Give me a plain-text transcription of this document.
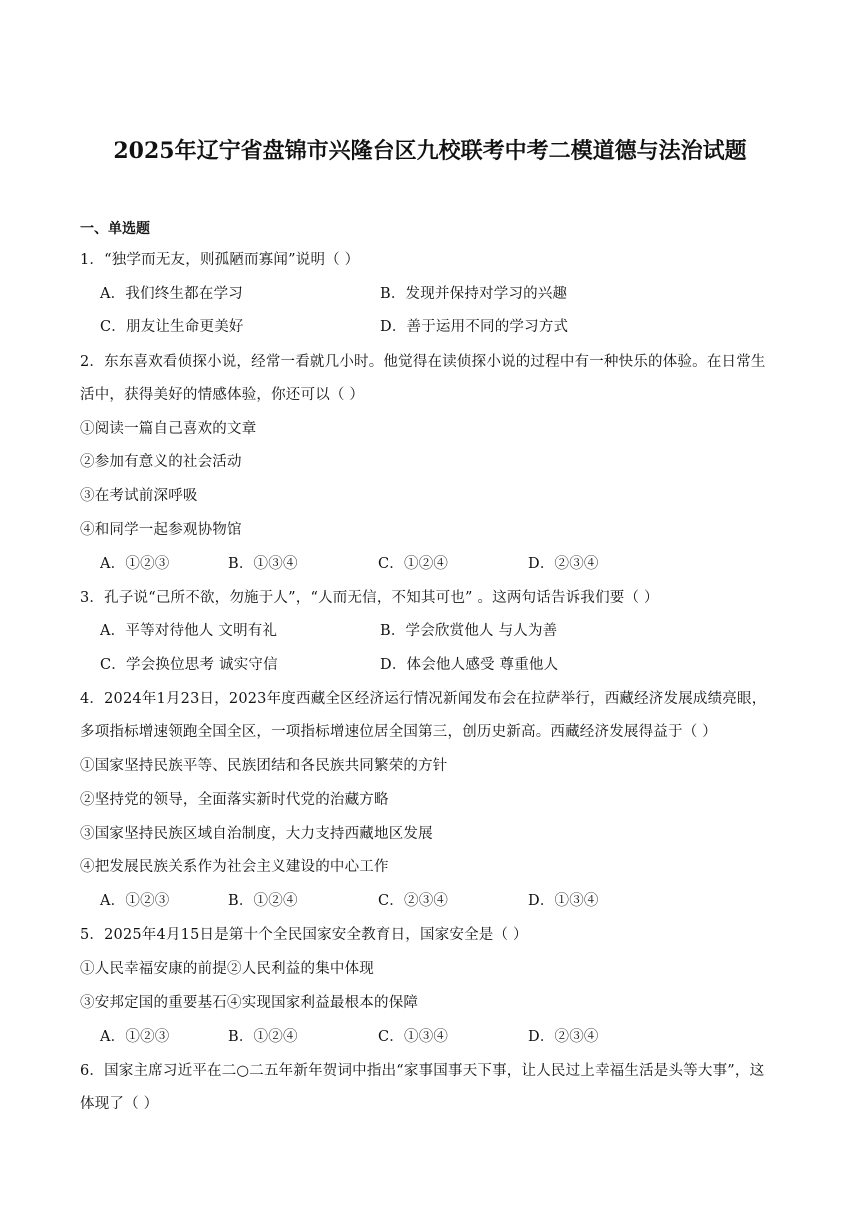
2025年辽宁省盘锦市兴隆台区九校联考中考二模道德与法治试题
一、单选题
1．“独学而无友，则孤陋而寡闻”说明（ ）
A．我们终生都在学习	B．发现并保持对学习的兴趣
C．朋友让生命更美好	D．善于运用不同的学习方式
2．东东喜欢看侦探小说，经常一看就几小时。他觉得在读侦探小说的过程中有一种快乐的体验。在日常生
活中，获得美好的情感体验，你还可以（ ）
①阅读一篇自己喜欢的文章
②参加有意义的社会活动
③在考试前深呼吸
④和同学一起参观协物馆
A．①②③	B．①③④	C．①②④	D．②③④
3．孔子说“己所不欲，勿施于人”，“人而无信，不知其可也” 。这两句话告诉我们要（ ）
A．平等对待他人 文明有礼	B．学会欣赏他人 与人为善
C．学会换位思考 诚实守信	D．体会他人感受 尊重他人
4．2024年1月23日，2023年度西藏全区经济运行情况新闻发布会在拉萨举行，西藏经济发展成绩亮眼，
多项指标增速领跑全国全区，一项指标增速位居全国第三，创历史新高。西藏经济发展得益于（ ）
①国家坚持民族平等、民族团结和各民族共同繁荣的方针
②坚持党的领导，全面落实新时代党的治藏方略
③国家坚持民族区域自治制度，大力支持西藏地区发展
④把发展民族关系作为社会主义建设的中心工作
A．①②③	B．①②④	C．②③④	D．①③④
5．2025年4月15日是第十个全民国家安全教育日，国家安全是（ ）
①人民幸福安康的前提②人民利益的集中体现
③安邦定国的重要基石④实现国家利益最根本的保障
A．①②③	B．①②④	C．①③④	D．②③④
6．国家主席习近平在二○二五年新年贺词中指出“家事国事天下事，让人民过上幸福生活是头等大事”，这
体现了（ ）
